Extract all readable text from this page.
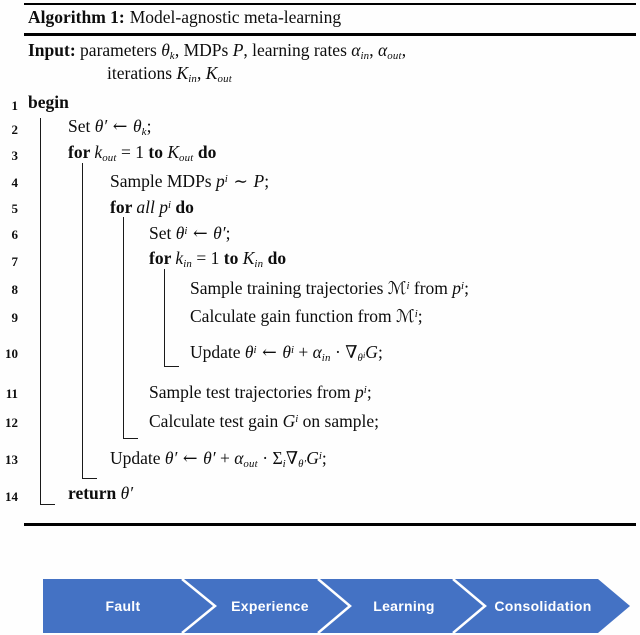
Algorithm 1: Model-agnostic meta-learning
Input: parameters θk, MDPs P, learning rates αin, αout,
iterations Kin, Kout
1 begin
2	Set θ′ ← θk;
3	for kout = 1 to Kout do
4	Sample MDPs $p^i$ ∼ P;
5	for all $p^i$ do
6	Set $\theta^i$ ← θ′;
7	for kin = 1 to Kin do
8	Sample training trajectories ℳ$^i$ from $p^i$;
9	Calculate gain function from ℳ$^i$;
10	Update $\theta^i$ ← $\theta^i + \alpha in \cdot \nabla\theta iG$;
11	Sample test trajectories from $p^i$;
12	Calculate test gain $G^i$ on sample;
13	Update θ′ ← $\theta' + \alpha out \cdot \Sigma i\nabla\theta'G^i$;
14	return θ′
Fault	Experience	Learning	Consolidation
